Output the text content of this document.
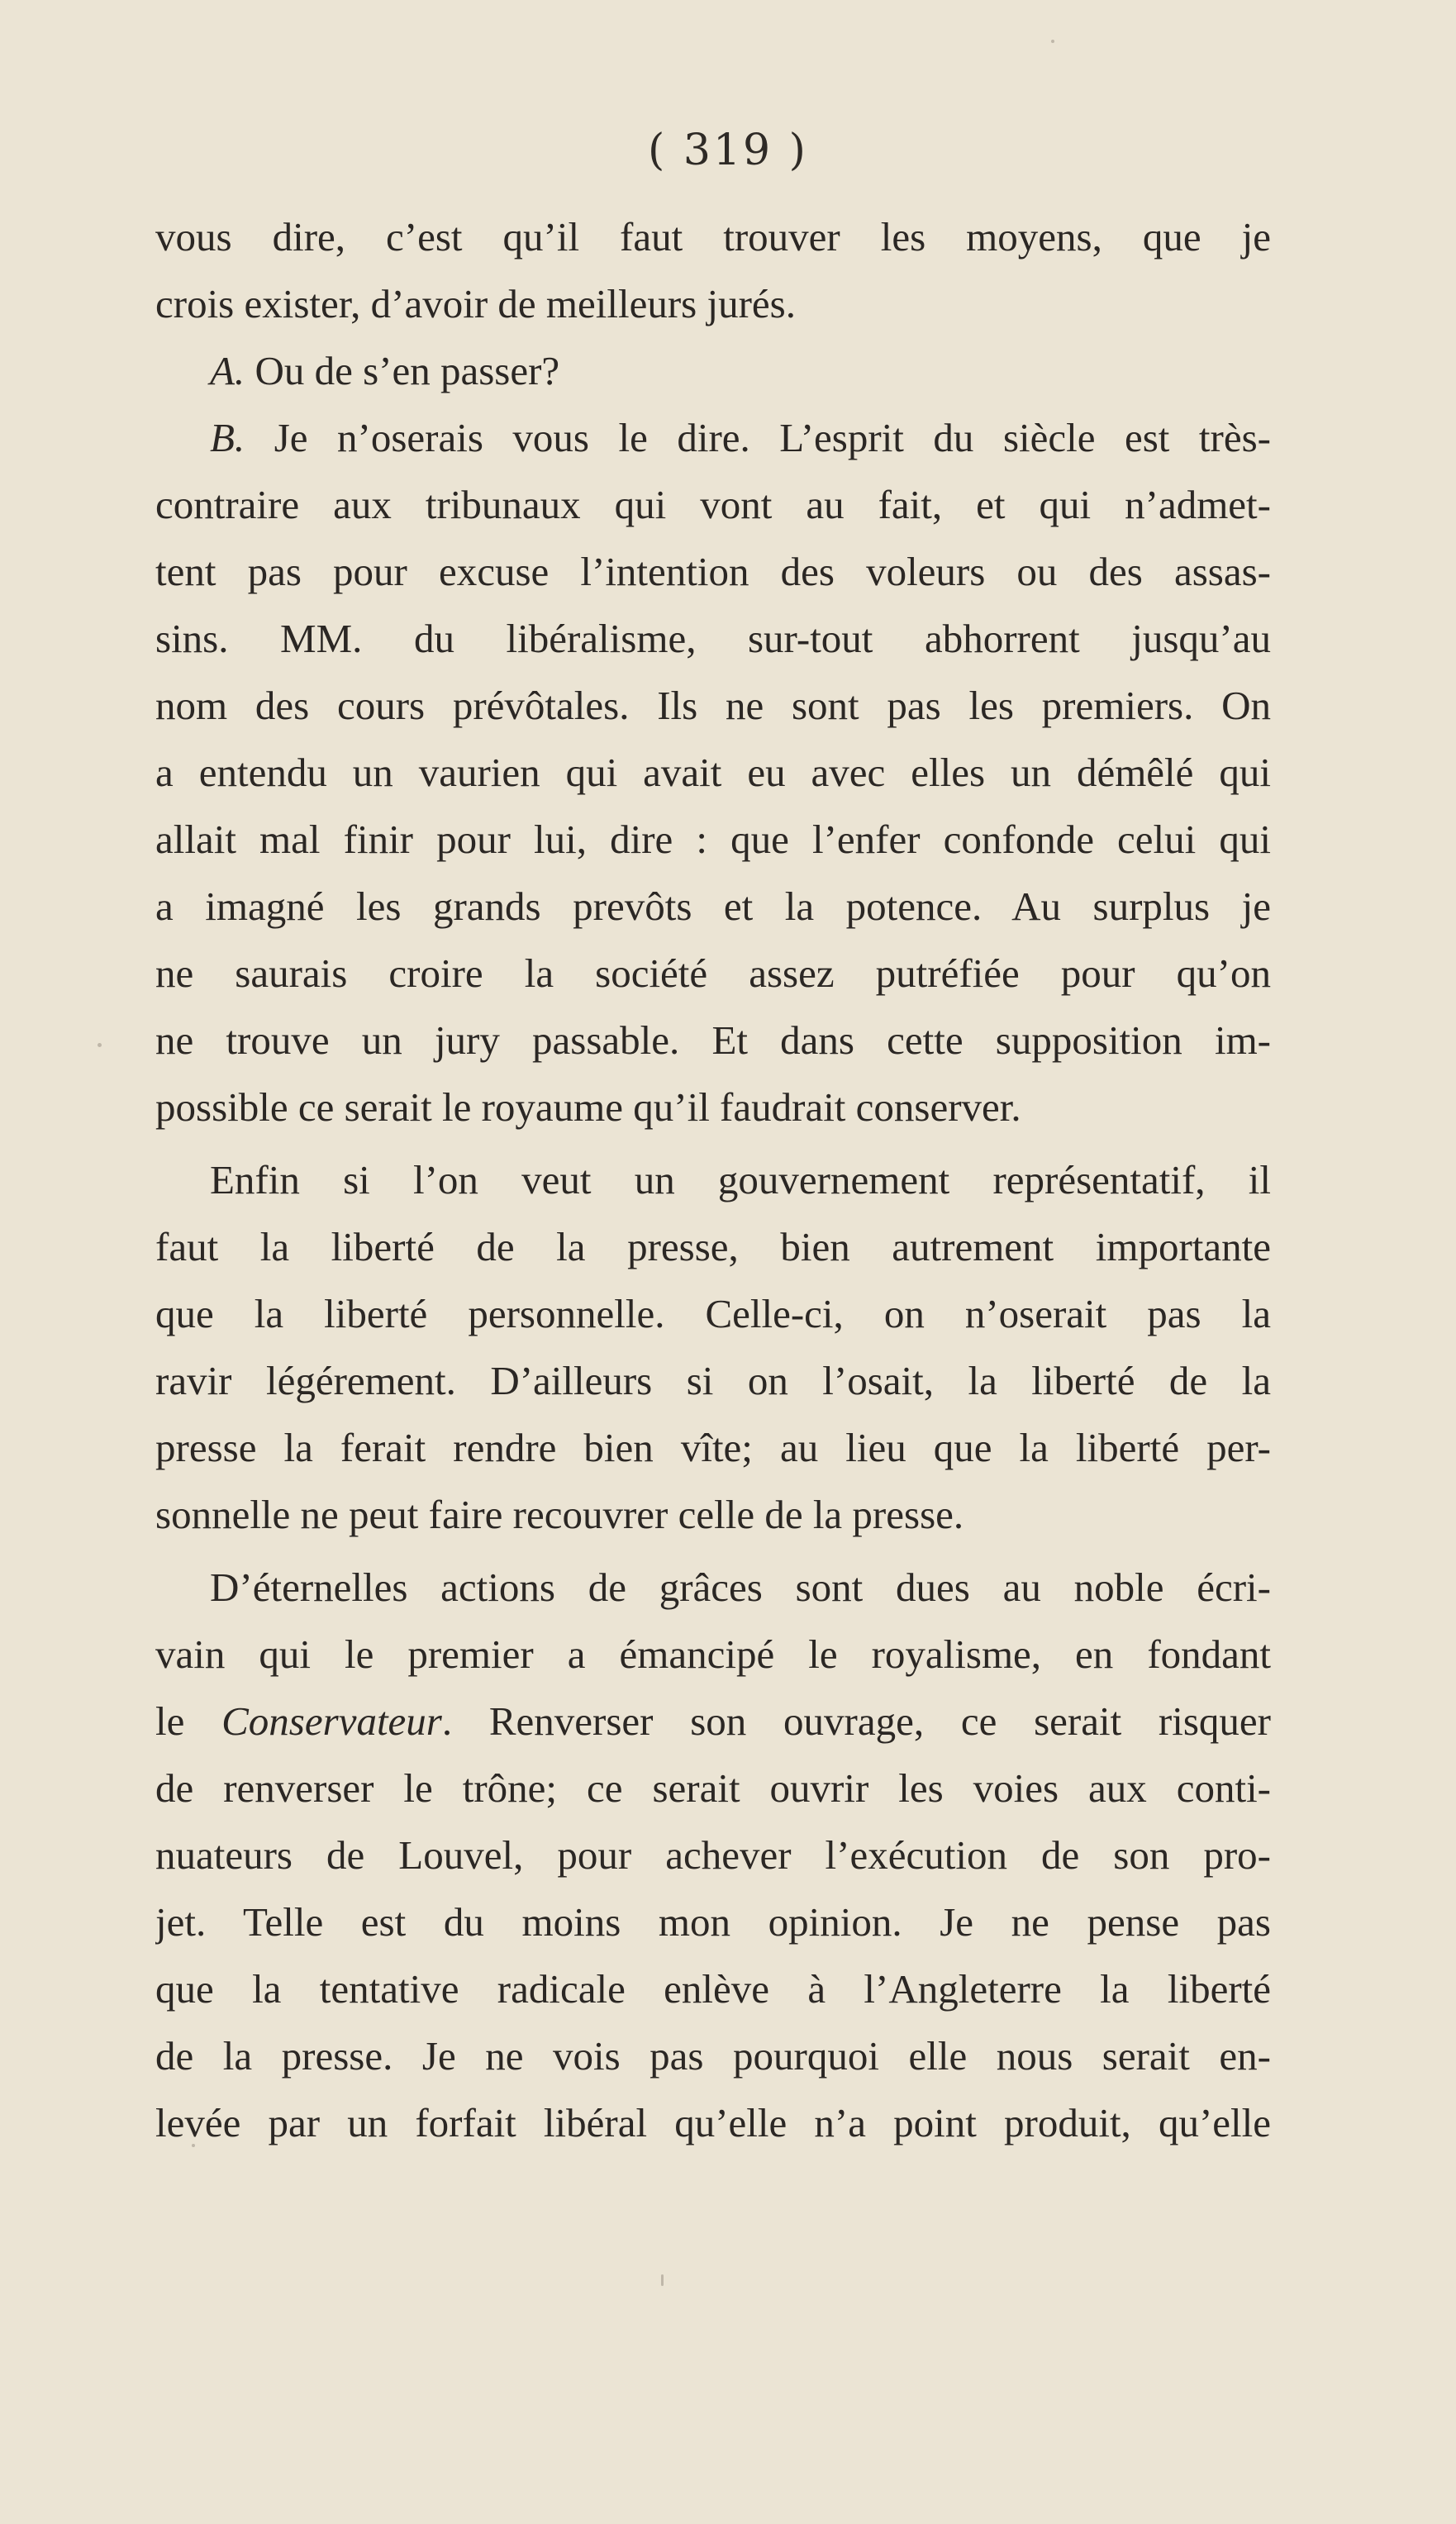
( 319 )

vous dire, c’est qu’il faut trouver les moyens, que je
crois exister, d’avoir de meilleurs jurés.

A. Ou de s’en passer?

B. Je n’oserais vous le dire. L’esprit du siècle est très-
contraire aux tribunaux qui vont au fait, et qui n’admet-
tent pas pour excuse l’intention des voleurs ou des assas-
sins. MM. du libéralisme, sur-tout abhorrent jusqu’au
nom des cours prévôtales. Ils ne sont pas les premiers. On
a entendu un vaurien qui avait eu avec elles un démêlé qui
allait mal finir pour lui, dire : que l’enfer confonde celui qui
a imagné les grands prevôts et la potence. Au surplus je
ne saurais croire la société assez putréfiée pour qu’on
ne trouve un jury passable. Et dans cette supposition im-
possible ce serait le royaume qu’il faudrait conserver.

Enfin si l’on veut un gouvernement représentatif, il
faut la liberté de la presse, bien autrement importante
que la liberté personnelle. Celle-ci, on n’oserait pas la
ravir légérement. D’ailleurs si on l’osait, la liberté de la
presse la ferait rendre bien vîte; au lieu que la liberté per-
sonnelle ne peut faire recouvrer celle de la presse.

D’éternelles actions de grâces sont dues au noble écri-
vain qui le premier a émancipé le royalisme, en fondant
le Conservateur. Renverser son ouvrage, ce serait risquer
de renverser le trône; ce serait ouvrir les voies aux conti-
nuateurs de Louvel, pour achever l’exécution de son pro-
jet. Telle est du moins mon opinion. Je ne pense pas
que la tentative radicale enlève à l’Angleterre la liberté
de la presse. Je ne vois pas pourquoi elle nous serait en-
levée par un forfait libéral qu’elle n’a point produit, qu’elle
